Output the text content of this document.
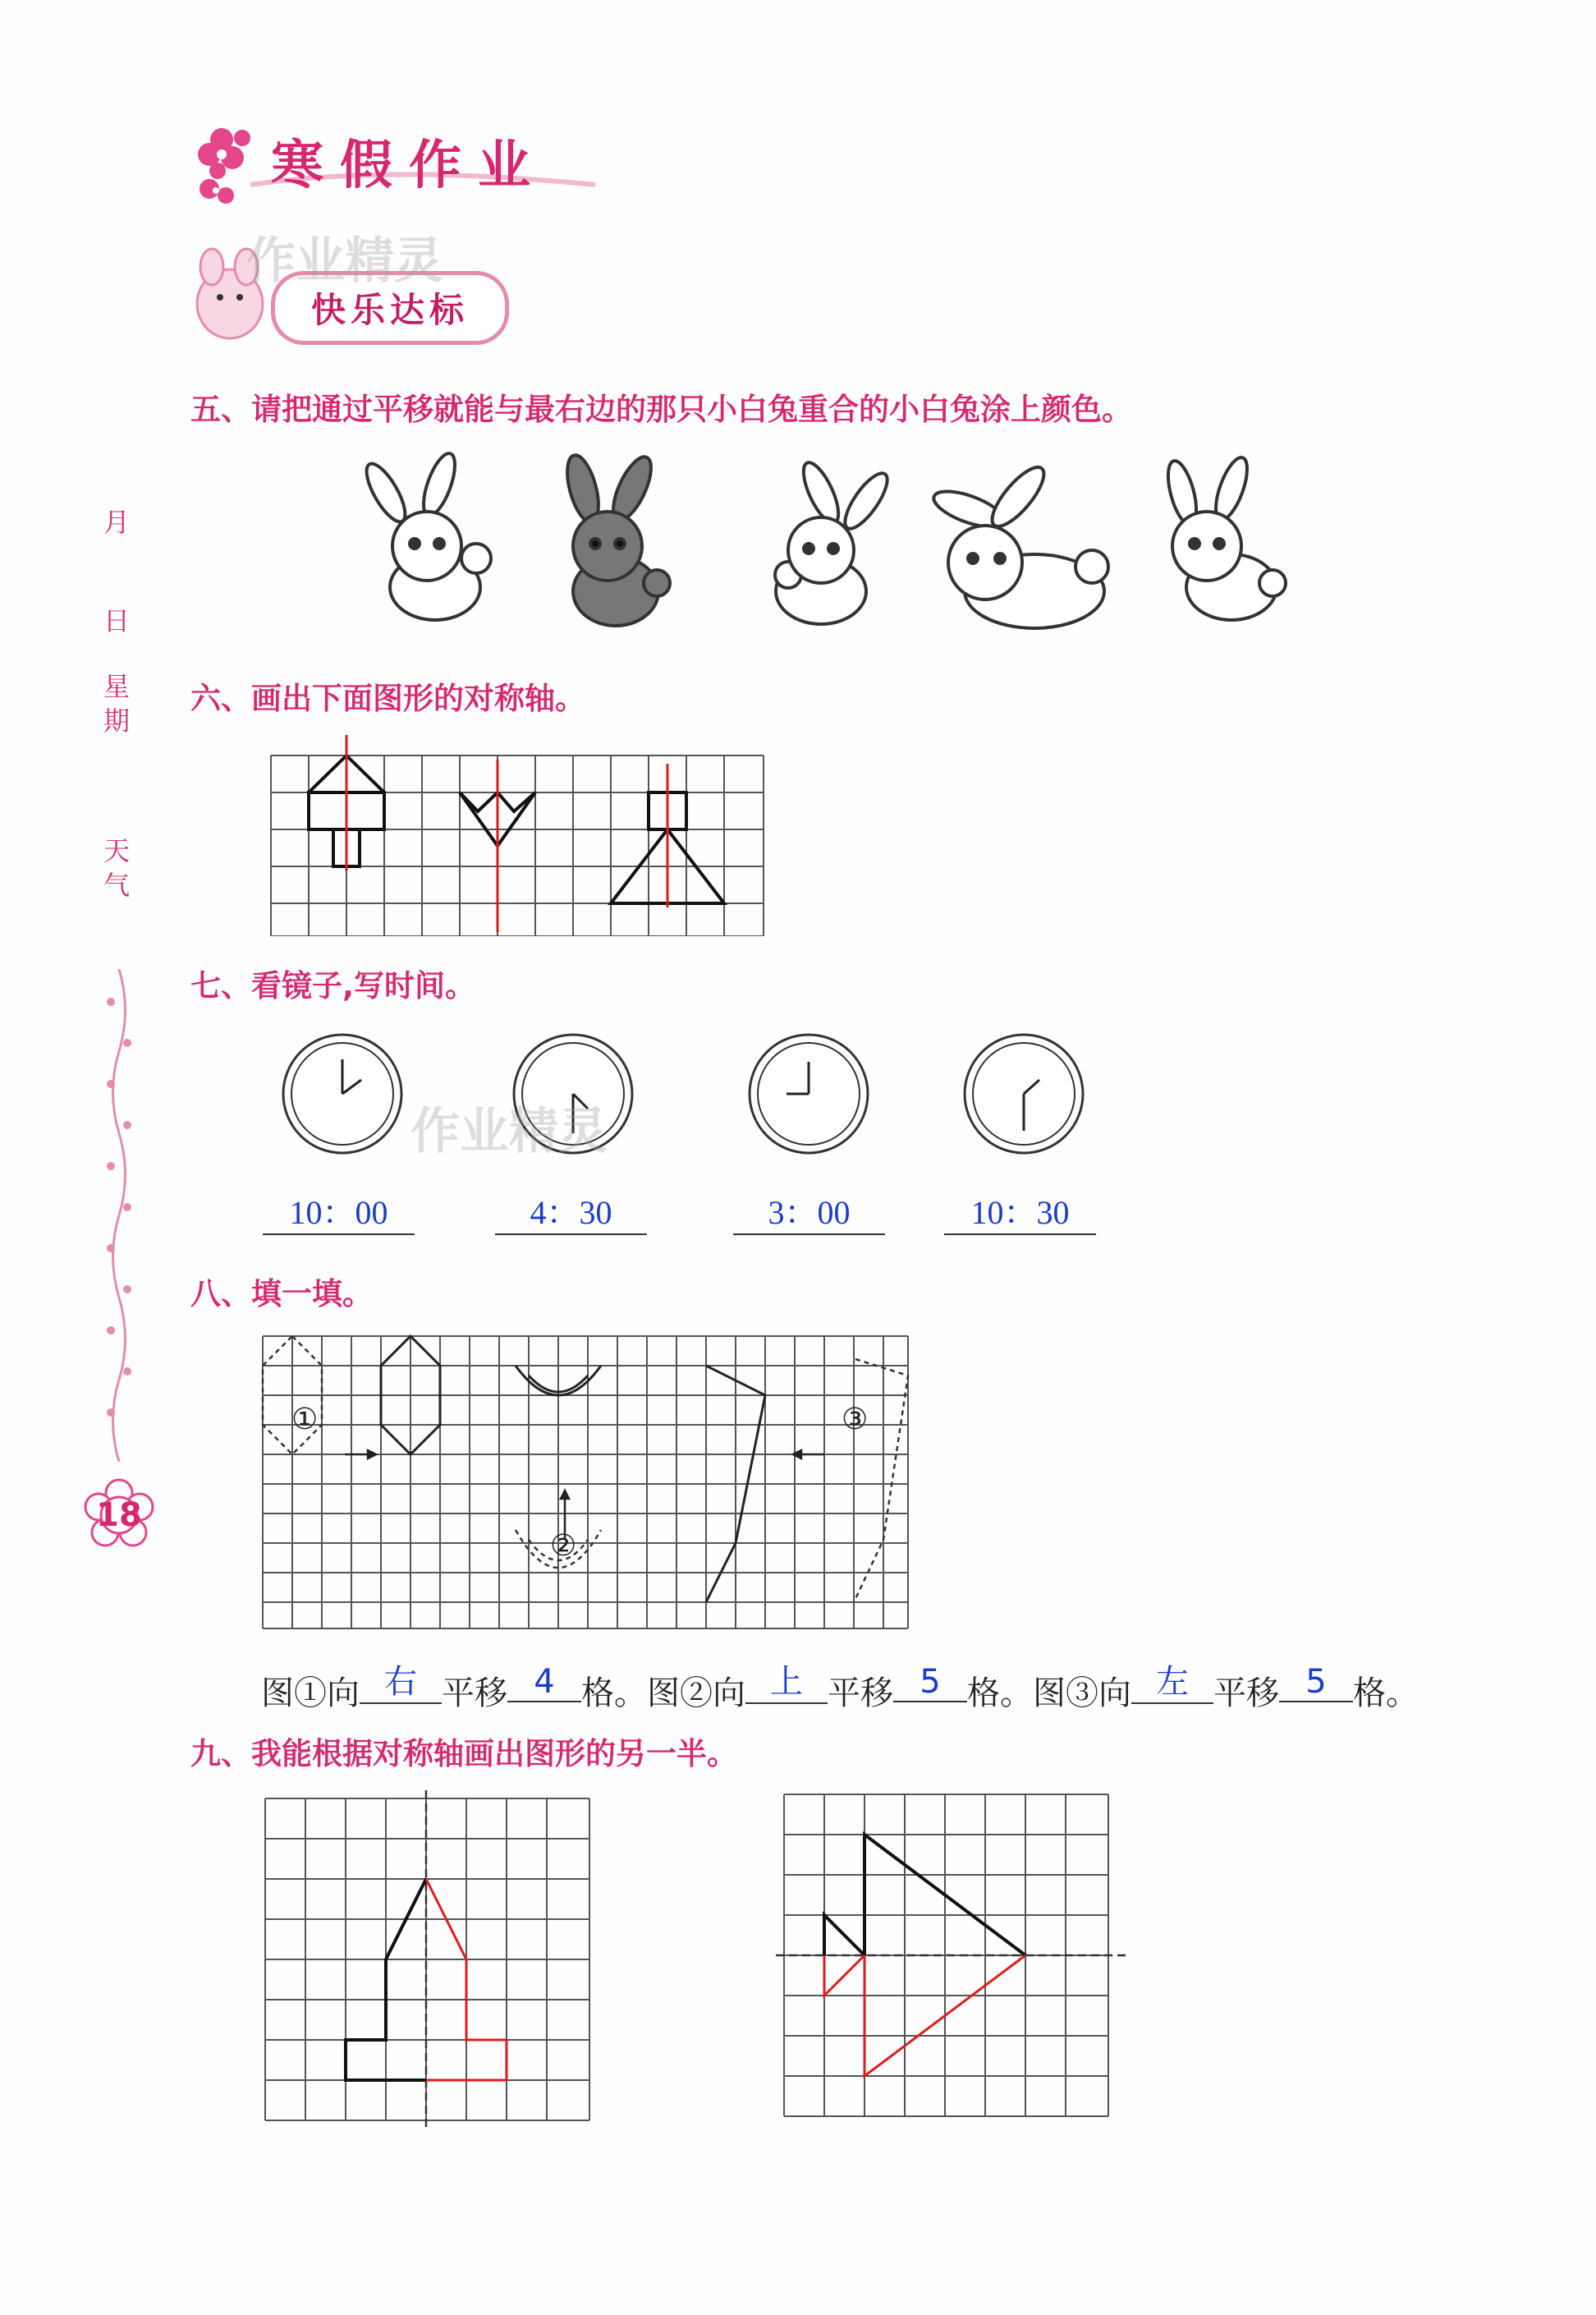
寒假作业
快乐达标
作业精灵
月
日
星期
天气
18
五、请把通过平移就能与最右边的那只小白兔重合的小白兔涂上颜色。
六、画出下面图形的对称轴。
七、看镜子,写时间。
作业精灵
10：00	4：30	3：00	10：30
八、填一填。
①
②
③
图①向 右 平移 4 格。图②向 上 平移 5 格。图③向 左 平移 5 格。
九、我能根据对称轴画出图形的另一半。
